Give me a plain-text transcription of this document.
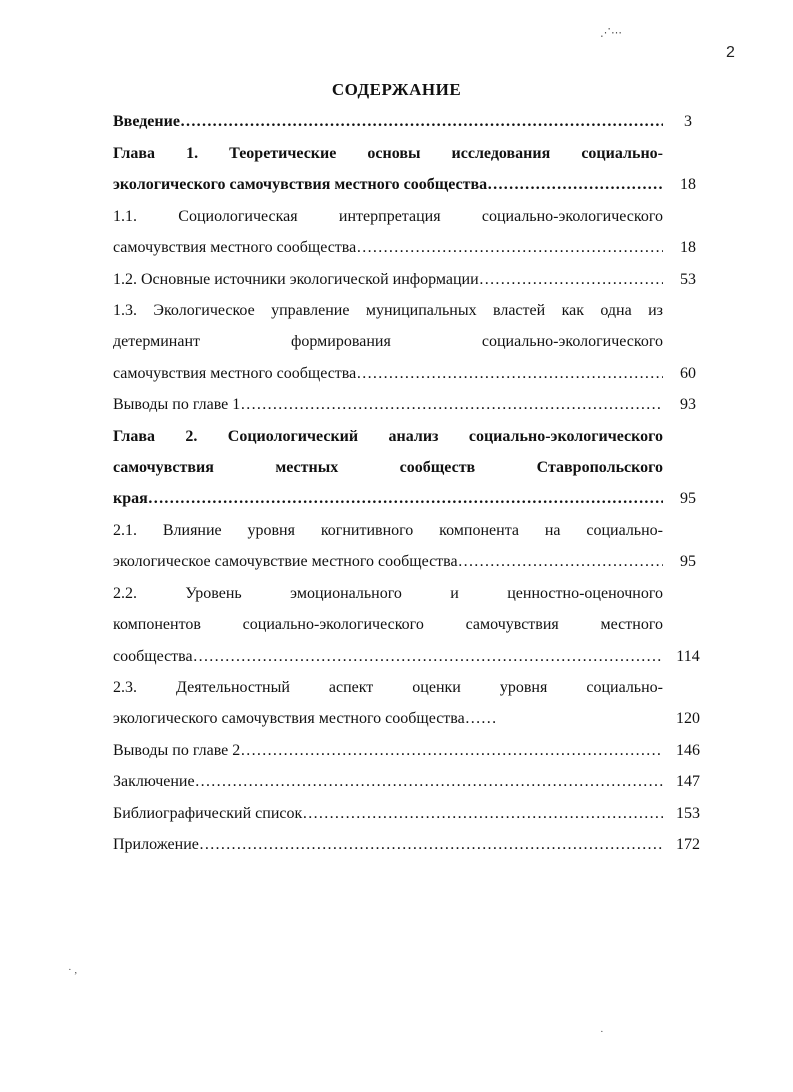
2
СОДЕРЖАНИЕ
Введение ………………………………………………………………………………………………………………………………………………………	3
Глава 1. Теоретические основы исследования социально-
экологического самочувствия местного сообщества ………………………………………………………………………………………………………………………………………………………	18
1.1. Социологическая интерпретация социально-экологического
самочувствия местного сообщества ………………………………………………………………………………………………………………………………………………………	18
1.2. Основные источники экологической информации ………………………………………………………………………………………………………………………………………………………	53
1.3. Экологическое управление муниципальных властей как одна из
детерминант формирования социально-экологического
самочувствия местного сообщества ………………………………………………………………………………………………………………………………………………………	60
Выводы по главе 1 ………………………………………………………………………………………………………………………………………………………	93
Глава 2. Социологический анализ социально-экологического
самочувствия местных сообществ Ставропольского
края ………………………………………………………………………………………………………………………………………………………	95
2.1. Влияние уровня когнитивного компонента на социально-
экологическое самочувствие местного сообщества ………………………………………………………………………………………………………………………………………………………	95
2.2. Уровень эмоционального и ценностно-оценочного
компонентов социально-экологического самочувствия местного
сообщества ………………………………………………………………………………………………………………………………………………………	114
2.3. Деятельностный аспект оценки уровня социально-
экологического самочувствия местного сообщества……	120
Выводы по главе 2 ………………………………………………………………………………………………………………………………………………………	146
Заключение ………………………………………………………………………………………………………………………………………………………	147
Библиографический список ………………………………………………………………………………………………………………………………………………………	153
Приложение ………………………………………………………………………………………………………………………………………………………	172
⋰⋯
· ,
·
